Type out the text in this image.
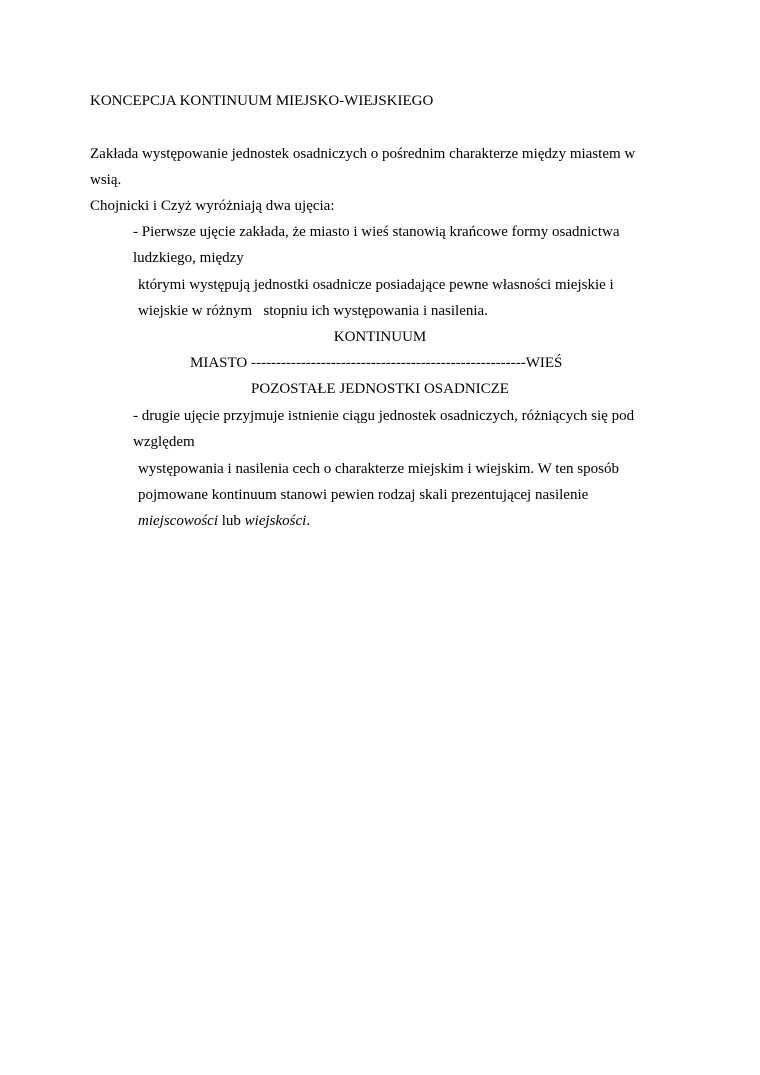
KONCEPCJA KONTINUUM MIEJSKO-WIEJSKIEGO
Zakłada występowanie jednostek osadniczych o pośrednim charakterze między miastem w
wsią.
Chojnicki i Czyż wyróżniają dwa ujęcia:
- Pierwsze ujęcie zakłada, że miasto i wieś stanowią krańcowe formy osadnictwa
ludzkiego, między
którymi występują jednostki osadnicze posiadające pewne własności miejskie i
wiejskie w różnym   stopniu ich występowania i nasilenia.
KONTINUUM
MIASTO -------------------------------------------------------WIEŚ
POZOSTAŁE JEDNOSTKI OSADNICZE
- drugie ujęcie przyjmuje istnienie ciągu jednostek osadniczych, różniących się pod
względem
występowania i nasilenia cech o charakterze miejskim i wiejskim. W ten sposób
pojmowane kontinuum stanowi pewien rodzaj skali prezentującej nasilenie
miejscowości lub wiejskości.
